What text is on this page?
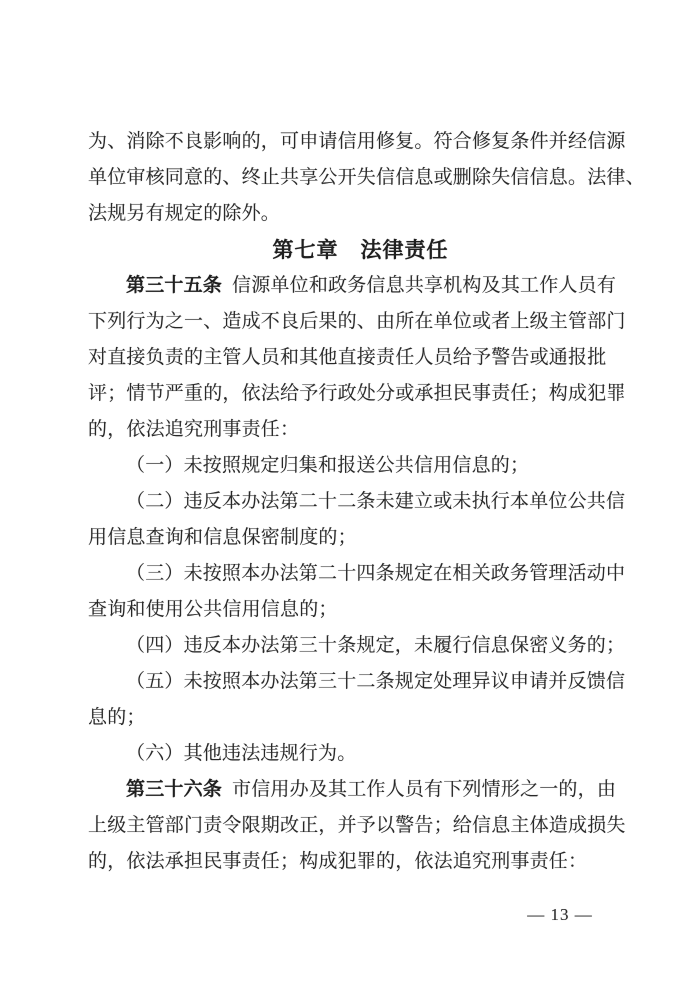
为、消除不良影响的，可申请信用修复。符合修复条件并经信源
单位审核同意的、终止共享公开失信信息或删除失信信息。法律、
法规另有规定的除外。
第七章　法律责任
第三十五条 信源单位和政务信息共享机构及其工作人员有
下列行为之一、造成不良后果的、由所在单位或者上级主管部门
对直接负责的主管人员和其他直接责任人员给予警告或通报批
评；情节严重的，依法给予行政处分或承担民事责任；构成犯罪
的，依法追究刑事责任：
（一）未按照规定归集和报送公共信用信息的；
（二）违反本办法第二十二条未建立或未执行本单位公共信
用信息查询和信息保密制度的；
（三）未按照本办法第二十四条规定在相关政务管理活动中
查询和使用公共信用信息的；
（四）违反本办法第三十条规定，未履行信息保密义务的；
（五）未按照本办法第三十二条规定处理异议申请并反馈信
息的；
（六）其他违法违规行为。
第三十六条 市信用办及其工作人员有下列情形之一的，由
上级主管部门责令限期改正，并予以警告；给信息主体造成损失
的，依法承担民事责任；构成犯罪的，依法追究刑事责任：
— 13 —
